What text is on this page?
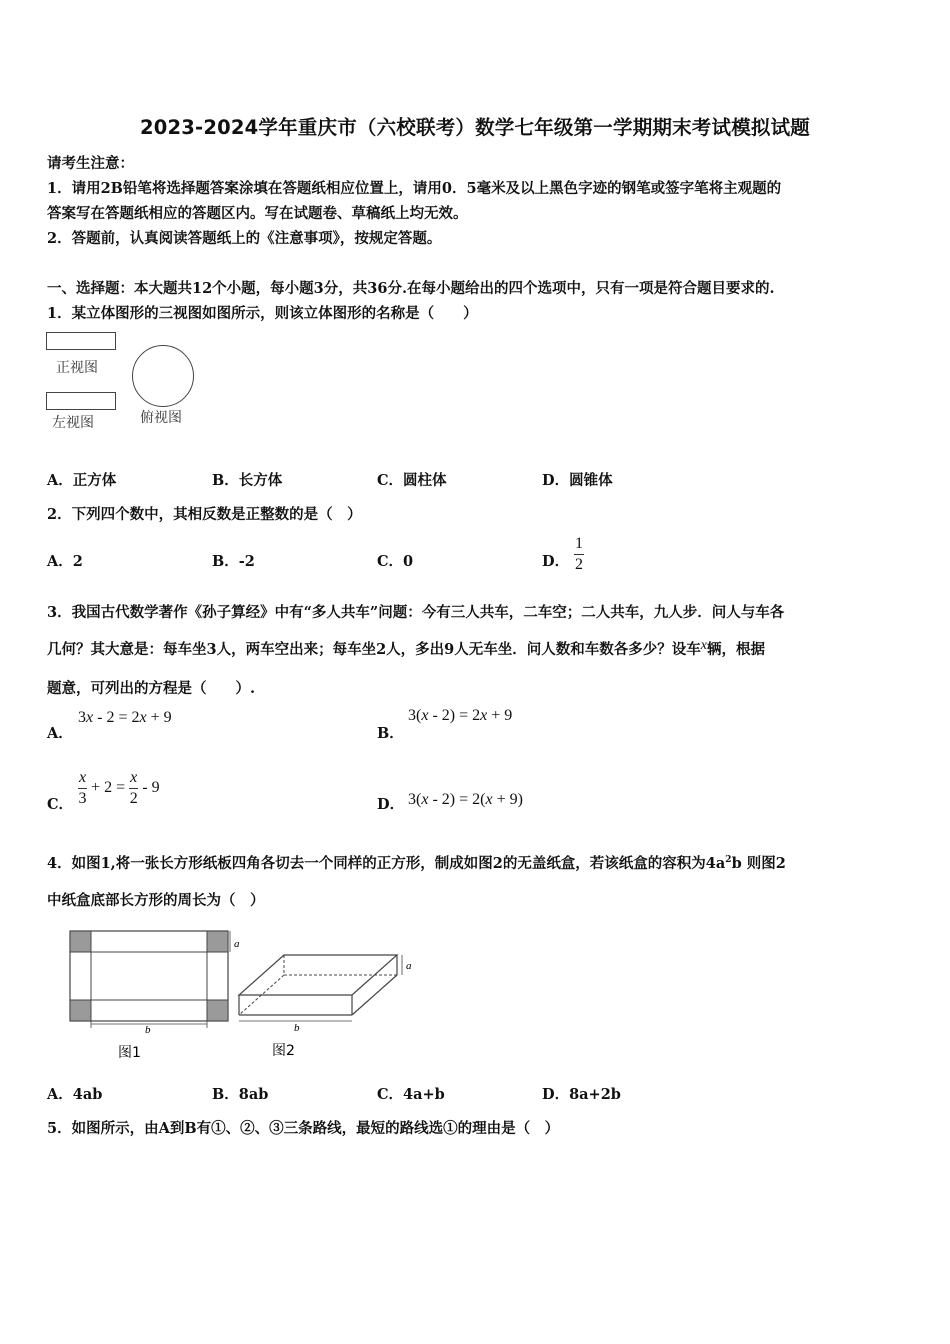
2023-2024学年重庆市（六校联考）数学七年级第一学期期末考试模拟试题
请考生注意：
1．请用2B铅笔将选择题答案涂填在答题纸相应位置上，请用0．5毫米及以上黑色字迹的钢笔或签字笔将主观题的
答案写在答题纸相应的答题区内。写在试题卷、草稿纸上均无效。
2．答题前，认真阅读答题纸上的《注意事项》，按规定答题。
一、选择题：本大题共12个小题，每小题3分，共36分.在每小题给出的四个选项中，只有一项是符合题目要求的.
1．某立体图形的三视图如图所示，则该立体图形的名称是（　　）
正视图
左视图	俯视图
A．正方体	B．长方体	C．圆柱体	D．圆锥体
2．下列四个数中，其相反数是正整数的是（　）
A．2	B．-2	C．0	D． $\frac{1}{2}$
3．我国古代数学著作《孙子算经》中有“多人共车”问题：今有三人共车，二车空；二人共车，九人步．问人与车各
几何？其大意是：每车坐3人，两车空出来；每车坐2人，多出9人无车坐．问人数和车数各多少？设车x辆，根据
题意，可列出的方程是（　　）.
A．
3x - 2 = 2x + 9
B．
3(x - 2) = 2x + 9
C． $\frac{x}{3} + 2 = \frac{x}{2} - 9$
D． 3(x - 2) = 2(x + 9)
4．如图1,将一张长方形纸板四角各切去一个同样的正方形，制成如图2的无盖纸盒，若该纸盒的容积为$4a^2b$ 则图2
中纸盒底部长方形的周长为（　）
a
b
图1
a
b
图2
A．4ab	B．8ab	C．4a+b	D．8a+2b
5．如图所示，由A到B有①、②、③三条路线，最短的路线选①的理由是（　）
